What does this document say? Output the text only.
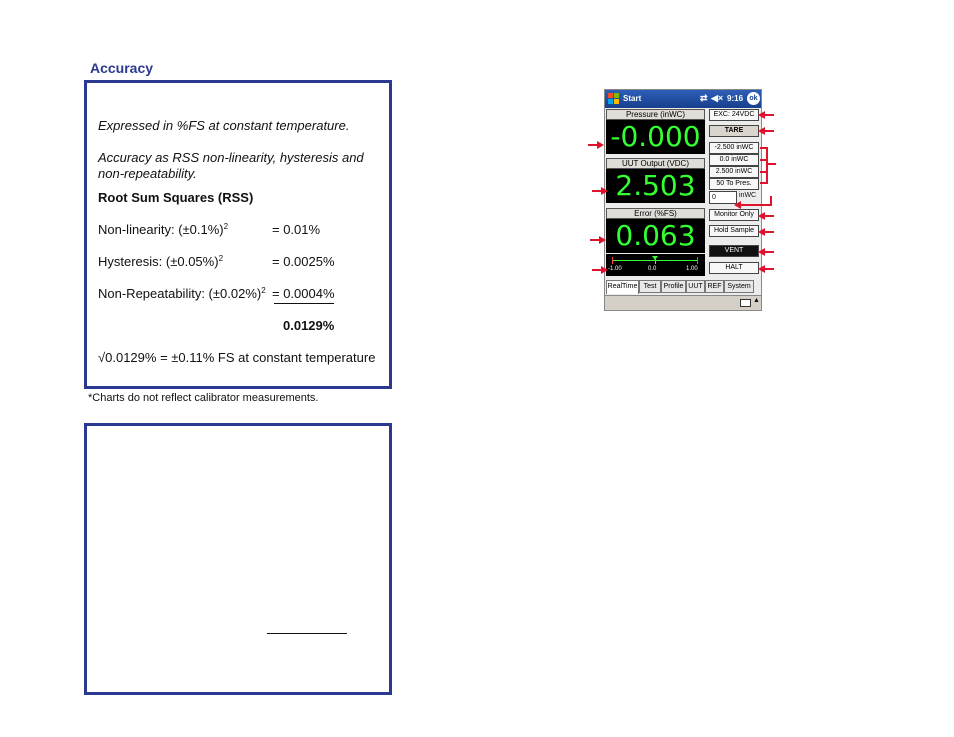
Accuracy
Expressed in %FS at constant temperature.
Accuracy as RSS non-linearity, hysteresis and
non-repeatability.
Root Sum Squares (RSS)
Non-linearity: $(\pm 0.1\%)^2$	= 0.01%
Hysteresis: $(\pm 0.05\%)^2$	= 0.0025%
Non-Repeatability: $(\pm 0.02\%)^2 = 0.0004\%$
0.0129%
√0.0129% = ±0.11% FS at constant temperature
*Charts do not reflect calibrator measurements.
Start	⇄ ◀× 9:16 ok
Pressure (inWC)
-0.000
UUT Output (VDC)
2.503
Error (%FS)
0.063
-1.00	0.0	1.00
EXC: 24VDC
TARE
-2.500 inWC
0.0 inWC
2.500 inWC
50 To Pres.
0	inWC
Monitor Only
Hold Sample
VENT
HALT
RealTime Test	Profile UUT REF System
▲
